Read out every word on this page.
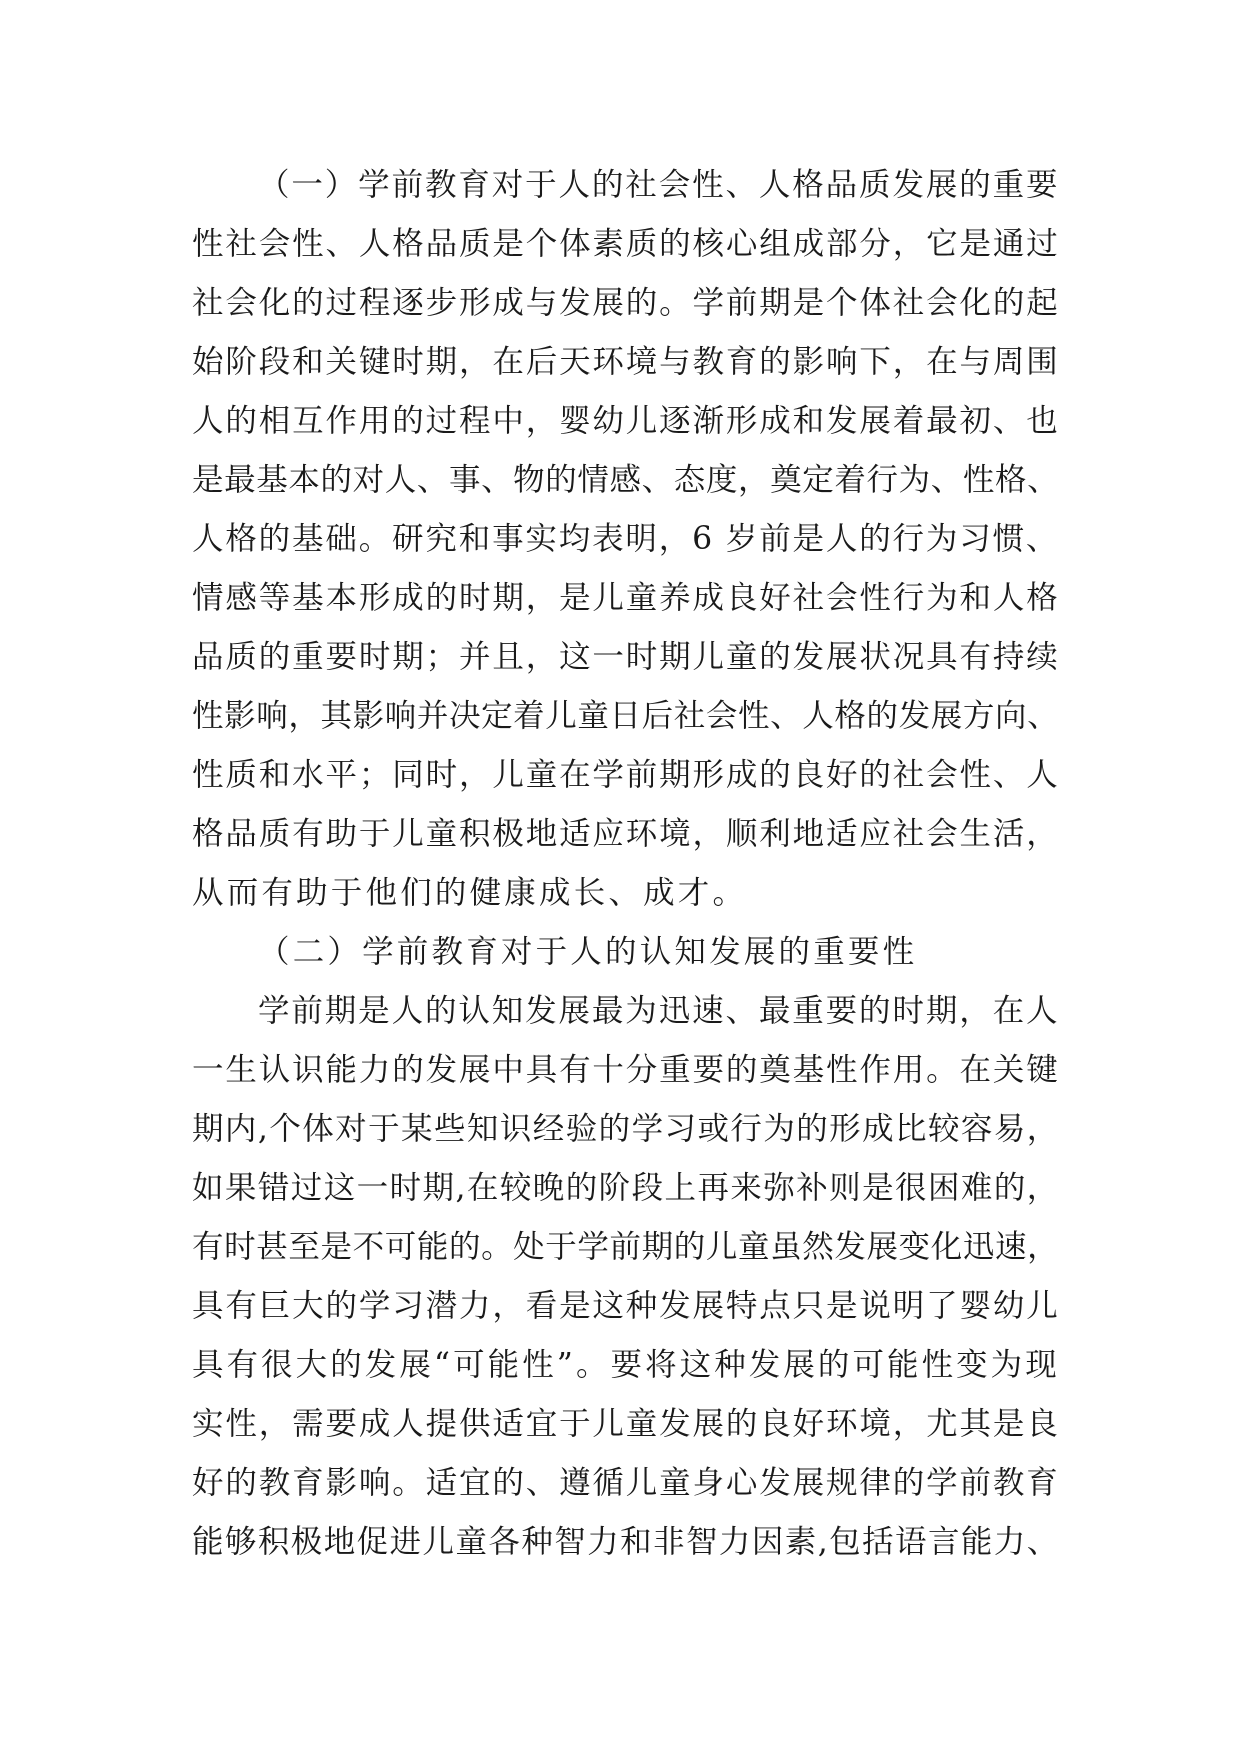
（一）学前教育对于人的社会性、人格品质发展的重要
性社会性、人格品质是个体素质的核心组成部分，它是通过
社会化的过程逐步形成与发展的。学前期是个体社会化的起
始阶段和关键时期，在后天环境与教育的影响下，在与周围
人的相互作用的过程中，婴幼儿逐渐形成和发展着最初、也
是最基本的对人、事、物的情感、态度，奠定着行为、性格、
人格的基础。研究和事实均表明，6 岁前是人的行为习惯、
情感等基本形成的时期，是儿童养成良好社会性行为和人格
品质的重要时期；并且，这一时期儿童的发展状况具有持续
性影响，其影响并决定着儿童日后社会性、人格的发展方向、
性质和水平；同时，儿童在学前期形成的良好的社会性、人
格品质有助于儿童积极地适应环境，顺利地适应社会生活，
从而有助于他们的健康成长、成才。
（二）学前教育对于人的认知发展的重要性
学前期是人的认知发展最为迅速、最重要的时期，在人
一生认识能力的发展中具有十分重要的奠基性作用。在关键
期内,个体对于某些知识经验的学习或行为的形成比较容易，
如果错过这一时期,在较晚的阶段上再来弥补则是很困难的，
有时甚至是不可能的。处于学前期的儿童虽然发展变化迅速，
具有巨大的学习潜力，看是这种发展特点只是说明了婴幼儿
具有很大的发展“可能性”。要将这种发展的可能性变为现
实性，需要成人提供适宜于儿童发展的良好环境，尤其是良
好的教育影响。适宜的、遵循儿童身心发展规律的学前教育
能够积极地促进儿童各种智力和非智力因素,包括语言能力、
